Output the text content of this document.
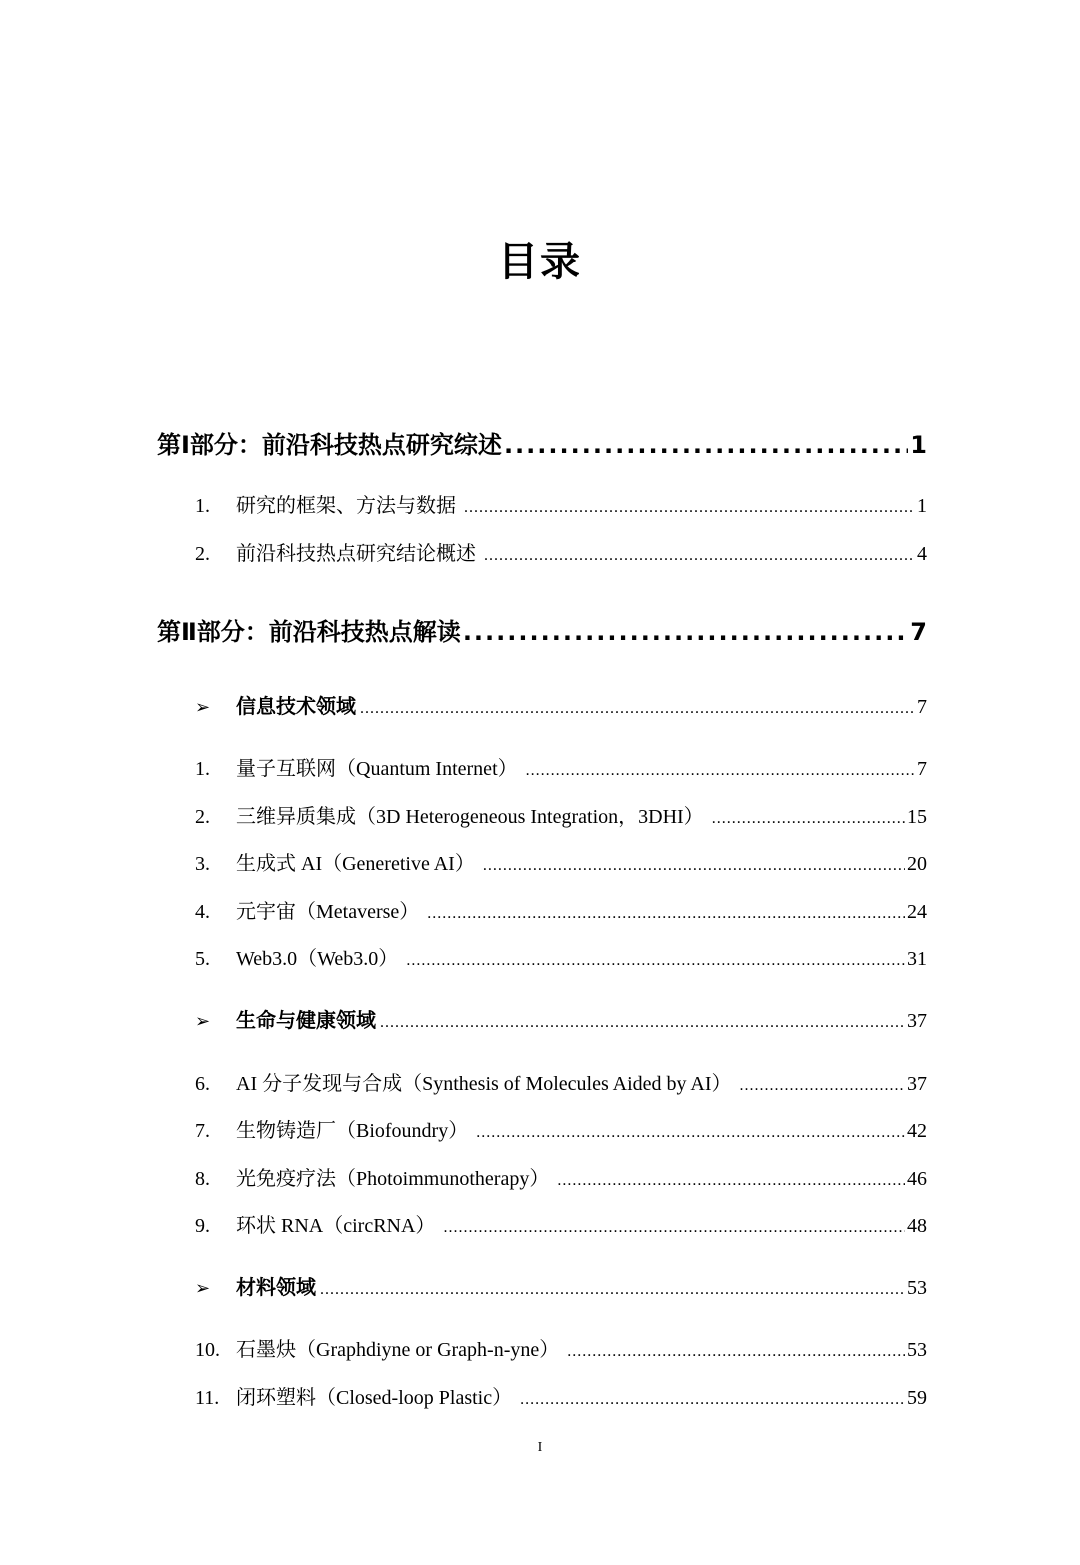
目录
第Ⅰ部分：前沿科技热点研究综述 .....	1
1.	研究的框架、方法与数据 .....	1
2.	前沿科技热点研究结论概述 .....	4
第Ⅱ部分：前沿科技热点解读 .....	7
➢	信息技术领域 .....	7
1.	量子互联网（Quantum Internet） .....	7
2.	三维异质集成（3D Heterogeneous Integration，3DHI） .....	15
3.	生成式 AI（Generetive AI） .....	20
4.	元宇宙（Metaverse） .....	24
5.	Web3.0（Web3.0） .....	31
➢	生命与健康领域 .....	37
6.	AI 分子发现与合成（Synthesis of Molecules Aided by AI） .....	37
7.	生物铸造厂（Biofoundry） .....	42
8.	光免疫疗法（Photoimmunotherapy） .....	46
9.	环状 RNA（circRNA） .....	48
➢	材料领域 .....	53
10. 石墨炔（Graphdiyne or Graph-n-yne） .....	53
11. 闭环塑料（Closed-loop Plastic） .....	59
I
